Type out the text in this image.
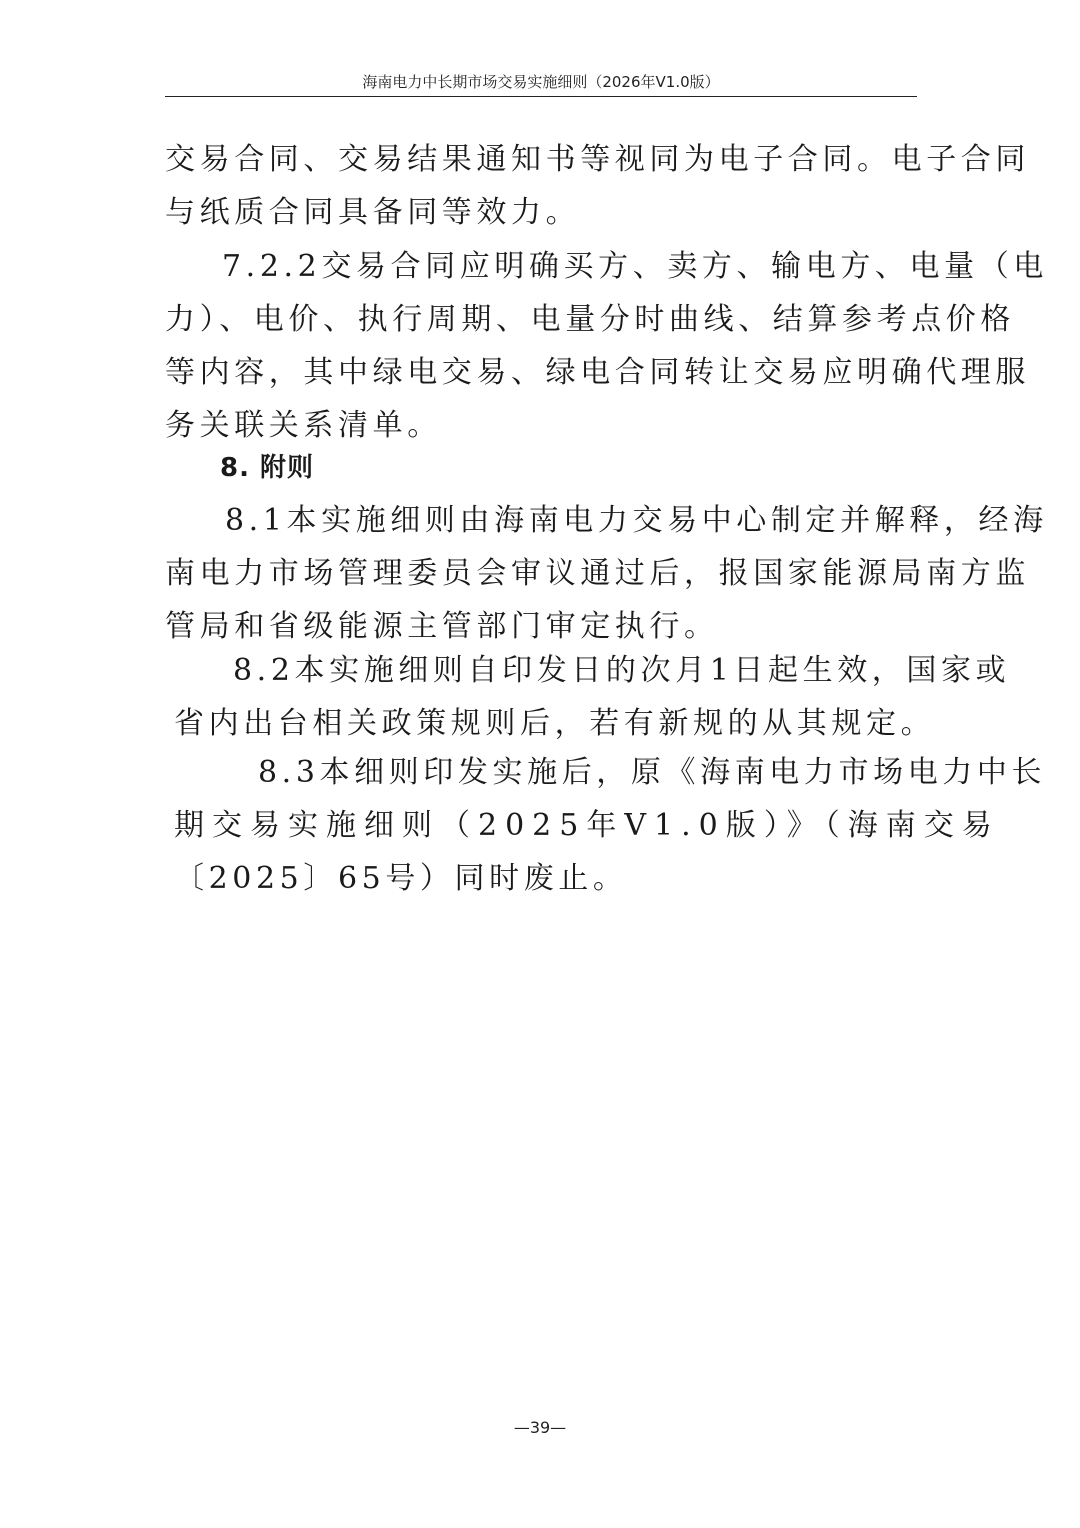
海南电力中长期市场交易实施细则（2026年V1.0版）
交易合同、交易结果通知书等视同为电子合同。电子合同
与纸质合同具备同等效力。
7.2.2交易合同应明确买方、卖方、输电方、电量（电
力）、电价、执行周期、电量分时曲线、结算参考点价格
等内容，其中绿电交易、绿电合同转让交易应明确代理服
务关联关系清单。
8. 附则
8.1本实施细则由海南电力交易中心制定并解释，经海
南电力市场管理委员会审议通过后，报国家能源局南方监
管局和省级能源主管部门审定执行。
8.2本实施细则自印发日的次月1日起生效，国家或
省内出台相关政策规则后，若有新规的从其规定。
8.3本细则印发实施后，原《海南电力市场电力中长
期交易实施细则（2025年V1.0版）》（海南交易
〔2025〕65号）同时废止。
—39—
